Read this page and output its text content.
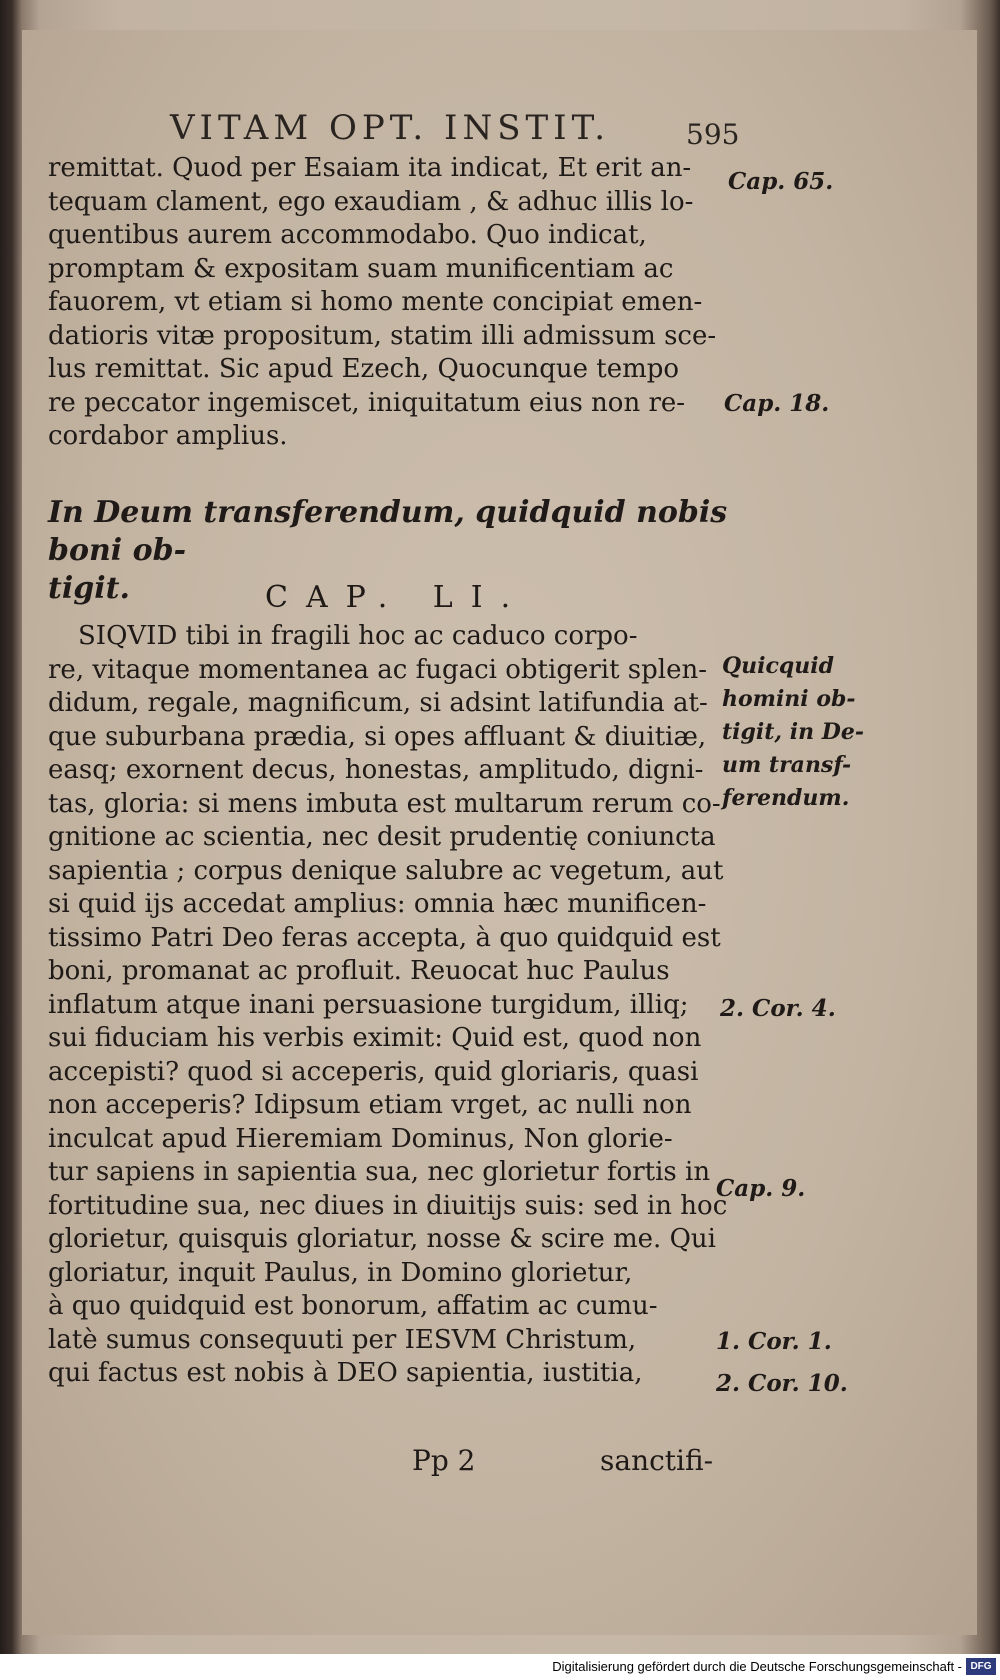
VITAM OPT. INSTIT.	595
remittat. Quod per Esaiam ita indicat, Et erit an-
tequam clament, ego exaudiam , & adhuc illis lo-
quentibus aurem accommodabo. Quo indicat,
promptam & expositam suam munificentiam ac
fauorem, vt etiam si homo mente concipiat emen-
datioris vitæ propositum, statim illi admissum sce-
lus remittat. Sic apud Ezech, Quocunque tempo
re peccator ingemiscet, iniquitatum eius non re-
cordabor amplius.
In Deum transferendum, quidquid nobis boni ob-
tigit.	CAP. LI.
SIQVID tibi in fragili hoc ac caduco corpo-
re, vitaque momentanea ac fugaci obtigerit splen-
didum, regale, magnificum, si adsint latifundia at-
que suburbana prædia, si opes affluant & diuitiæ,
easq; exornent decus, honestas, amplitudo, digni-
tas, gloria: si mens imbuta est multarum rerum co-
gnitione ac scientia, nec desit prudentię coniuncta
sapientia ; corpus denique salubre ac vegetum, aut
si quid ijs accedat amplius: omnia hæc munificen-
tissimo Patri Deo feras accepta, à quo quidquid est
boni, promanat ac profluit. Reuocat huc Paulus
inflatum atque inani persuasione turgidum, illiq;
sui fiduciam his verbis eximit: Quid est, quod non
accepisti? quod si acceperis, quid gloriaris, quasi
non acceperis? Idipsum etiam vrget, ac nulli non
inculcat apud Hieremiam Dominus, Non glorie-
tur sapiens in sapientia sua, nec glorietur fortis in
fortitudine sua, nec diues in diuitijs suis: sed in hoc
glorietur, quisquis gloriatur, nosse & scire me. Qui
gloriatur, inquit Paulus, in Domino glorietur,
à quo quidquid est bonorum, affatim ac cumu-
latè sumus consequuti per IESVM Christum,
qui factus est nobis à DEO sapientia, iustitia,
Cap. 65.
Cap. 18.
Quicquid
homini ob-
tigit, in De-
um transf-
ferendum.
2. Cor. 4.
Cap. 9.
1. Cor. 1.
2. Cor. 10.
Pp 2	sanctifi-
Digitalisierung gefördert durch die Deutsche Forschungsgemeinschaft - DFG
